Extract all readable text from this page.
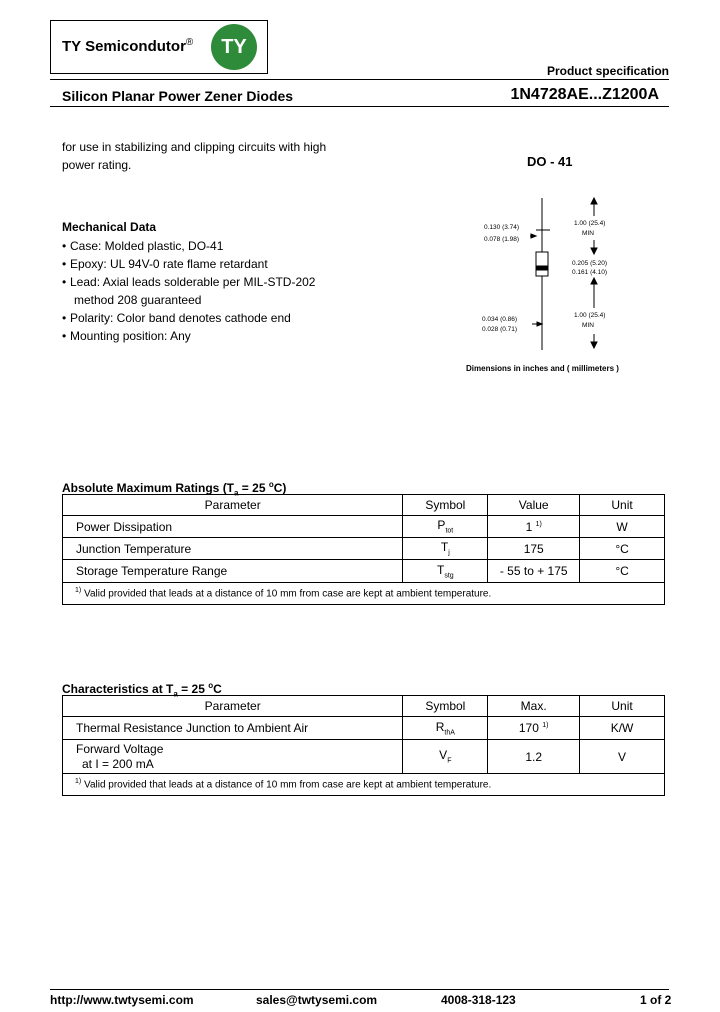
TY Semicondutor®	TY
Product specification
Silicon Planar Power Zener Diodes	1N4728AE...Z1200A
for use in stabilizing and clipping circuits with high
power rating.	DO - 41
Mechanical Data
• Case: Molded plastic, DO-41
• Epoxy: UL 94V-0 rate flame retardant
• Lead: Axial leads solderable per MIL-STD-202
method 208 guaranteed
• Polarity: Color band denotes cathode end
• Mounting position: Any
0.130 (3.74)
0.078 (1.98)
1.00 (25.4)
MIN
0.205 (5.20)
0.161 (4.10)
1.00 (25.4)
MIN
0.034 (0.86)
0.028 (0.71)
Dimensions in inches and ( millimeters )
Absolute Maximum Ratings ($T_a = 25$ $^o$C)
Parameter	Symbol	Value	Unit
Power Dissipation	$P_{tot}$	1 $^{1)}$	W
Junction Temperature	$T_j$	175	°C
Storage Temperature Range	$T_{stg}$	- 55 to + 175	°C
$^{1)}$ Valid provided that leads at a distance of 10 mm from case are kept at ambient temperature.			
Characteristics at $T_a = 25$ $^o$C
Parameter	Symbol	Max.	Unit
Thermal Resistance Junction to Ambient Air	$R_{thA}$	170 $^{1)}$	K/W

Forward Voltage
at I = 200 mA	$V_F$	1.2	V
$^{1)}$ Valid provided that leads at a distance of 10 mm from case are kept at ambient temperature.			
http://www.twtysemi.com	sales@twtysemi.com	4008-318-123	1 of 2
